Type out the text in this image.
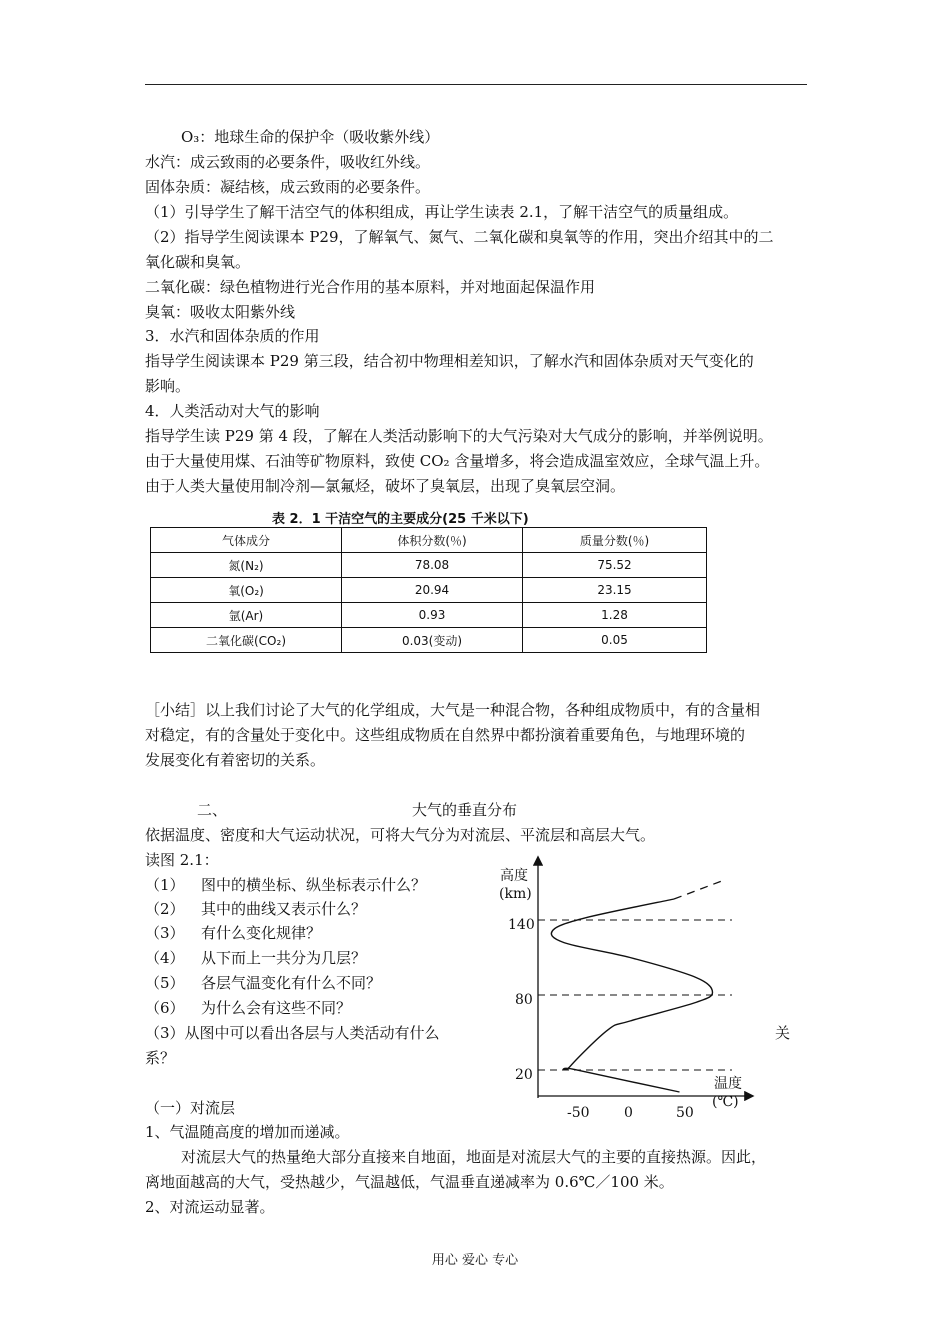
O₃：地球生命的保护伞（吸收紫外线）
水汽：成云致雨的必要条件，吸收红外线。
固体杂质：凝结核，成云致雨的必要条件。
（1）引导学生了解干洁空气的体积组成，再让学生读表 2.1，了解干洁空气的质量组成。
（2）指导学生阅读课本 P29，了解氧气、氮气、二氧化碳和臭氧等的作用，突出介绍其中的二
氧化碳和臭氧。
二氧化碳：绿色植物进行光合作用的基本原料，并对地面起保温作用
臭氧：吸收太阳紫外线
3．水汽和固体杂质的作用
指导学生阅读课本 P29 第三段，结合初中物理相差知识，了解水汽和固体杂质对天气变化的
影响。
4．人类活动对大气的影响
指导学生读 P29 第 4 段，了解在人类活动影响下的大气污染对大气成分的影响，并举例说明。
由于大量使用煤、石油等矿物原料，致使 CO₂ 含量增多，将会造成温室效应，全球气温上升。
由于人类大量使用制冷剂—氯氟烃，破坏了臭氧层，出现了臭氧层空洞。
表 2．1 干洁空气的主要成分(25 千米以下)
气体成分	体积分数(％)	质量分数(％)
氮(N₂)	78.08	75.52
氧(O₂)	20.94	23.15
氩(Ar)	0.93	1.28
二氧化碳(CO₂)	0.03(变动)	0.05
［小结］以上我们讨论了大气的化学组成，大气是一种混合物，各种组成物质中，有的含量相
对稳定，有的含量处于变化中。这些组成物质在自然界中都扮演着重要角色，与地理环境的
发展变化有着密切的关系。
二、	大气的垂直分布
依据温度、密度和大气运动状况，可将大气分为对流层、平流层和高层大气。
读图 2.1：
（1） 图中的横坐标、纵坐标表示什么？
（2） 其中的曲线又表示什么？
（3） 有什么变化规律？
（4） 从下而上一共分为几层？
（5） 各层气温变化有什么不同？
（6） 为什么会有这些不同？
（3）从图中可以看出各层与人类活动有什么	关
系？
高度
(km)
140
80
20
-50 0	50
温度
(℃)
（一）对流层
1、气温随高度的增加而递减。
对流层大气的热量绝大部分直接来自地面，地面是对流层大气的主要的直接热源。因此，
离地面越高的大气，受热越少，气温越低，气温垂直递减率为 0.6℃／100 米。
2、对流运动显著。
用心 爱心 专心
